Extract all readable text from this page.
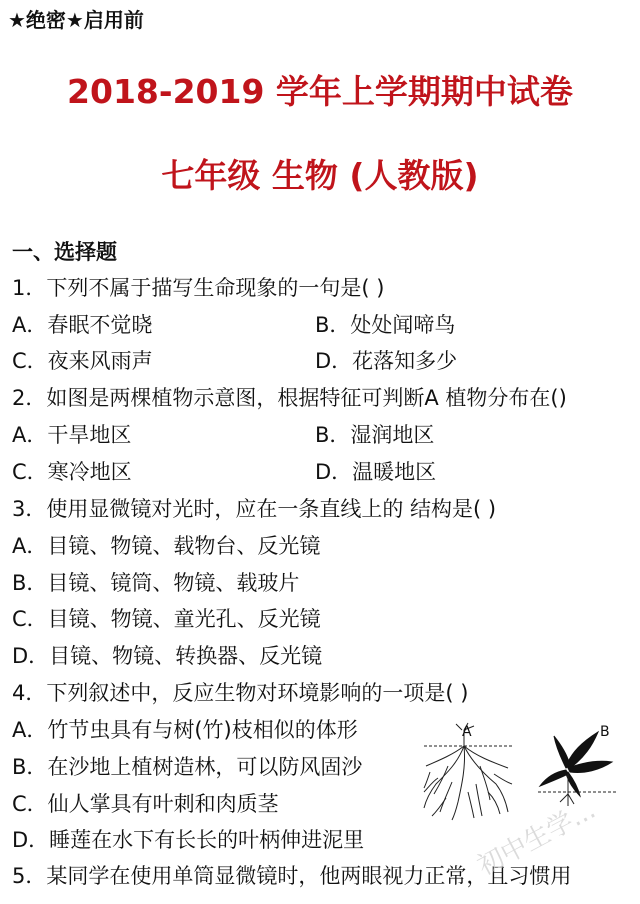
★绝密★启用前
2018-2019 学年上学期期中试卷
七年级 生物 (人教版)
一、选择题
1．下列不属于描写生命现象的一句是( )
A．春眠不觉晓	B．处处闻啼鸟
C．夜来风雨声	D．花落知多少
2．如图是两棵植物示意图，根据特征可判断A 植物分布在()
A．干旱地区	B．湿润地区
C．寒冷地区	D．温暖地区
3．使用显微镜对光时，应在一条直线上的 结构是( )
A．目镜、物镜、载物台、反光镜
B．目镜、镜筒、物镜、载玻片
C．目镜、物镜、童光孔、反光镜
D．目镜、物镜、转换器、反光镜
4．下列叙述中，反应生物对环境影响的一项是( )
A．竹节虫具有与树(竹)枝相似的体形
B．在沙地上植树造林，可以防风固沙
C．仙人掌具有叶刺和肉质茎
D．睡莲在水下有长长的叶柄伸进泥里
5．某同学在使用单筒显微镜时，他两眼视力正常，且习惯用
A	B
初中生学...
